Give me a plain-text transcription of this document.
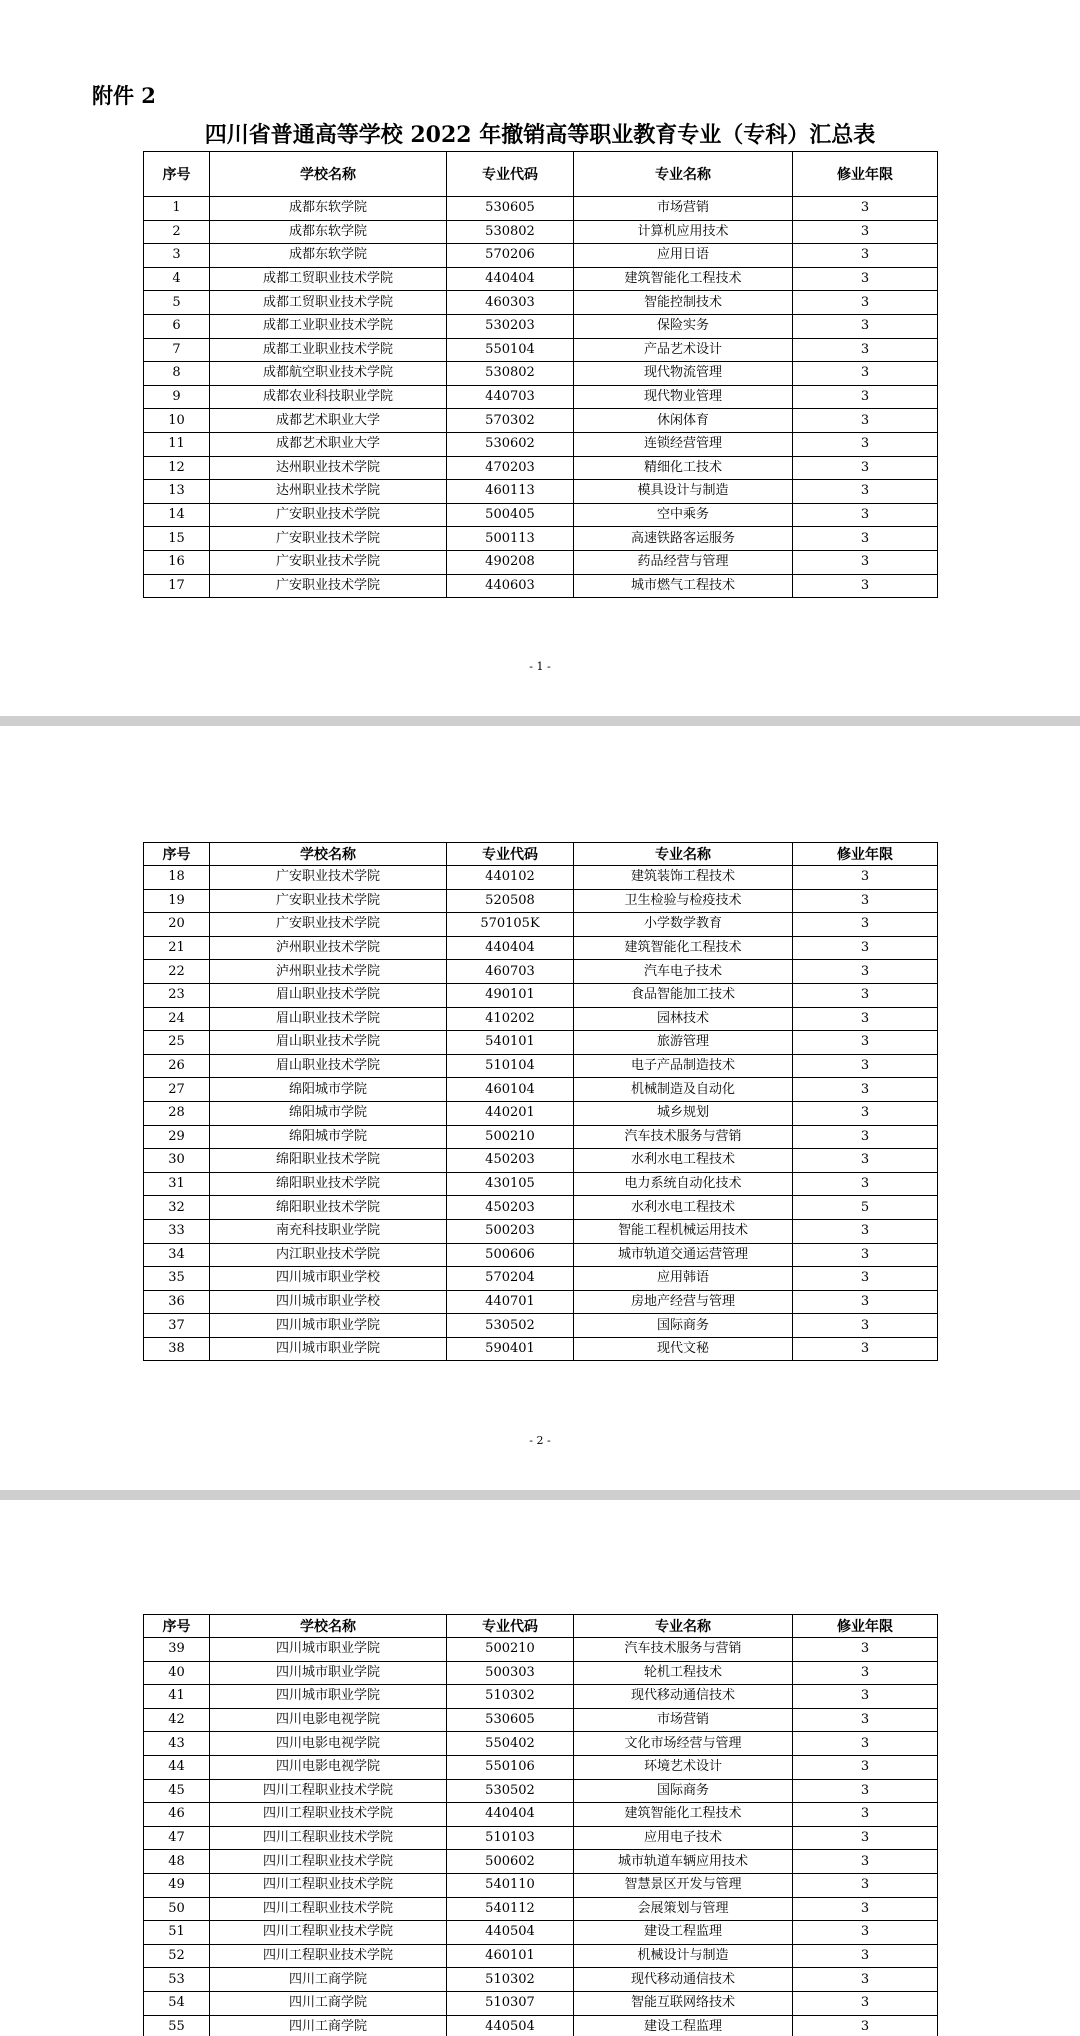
附件 2
四川省普通高等学校 2022 年撤销高等职业教育专业（专科）汇总表
序号	学校名称	专业代码	专业名称	修业年限
1	成都东软学院	530605	市场营销	3
2	成都东软学院	530802	计算机应用技术	3
3	成都东软学院	570206	应用日语	3
4	成都工贸职业技术学院	440404	建筑智能化工程技术	3
5	成都工贸职业技术学院	460303	智能控制技术	3
6	成都工业职业技术学院	530203	保险实务	3
7	成都工业职业技术学院	550104	产品艺术设计	3
8	成都航空职业技术学院	530802	现代物流管理	3
9	成都农业科技职业学院	440703	现代物业管理	3
10	成都艺术职业大学	570302	休闲体育	3
11	成都艺术职业大学	530602	连锁经营管理	3
12	达州职业技术学院	470203	精细化工技术	3
13	达州职业技术学院	460113	模具设计与制造	3
14	广安职业技术学院	500405	空中乘务	3
15	广安职业技术学院	500113	高速铁路客运服务	3
16	广安职业技术学院	490208	药品经营与管理	3
17	广安职业技术学院	440603	城市燃气工程技术	3
- 1 -
序号	学校名称	专业代码	专业名称	修业年限
18	广安职业技术学院	440102	建筑装饰工程技术	3
19	广安职业技术学院	520508	卫生检验与检疫技术	3
20	广安职业技术学院	570105K	小学数学教育	3
21	泸州职业技术学院	440404	建筑智能化工程技术	3
22	泸州职业技术学院	460703	汽车电子技术	3
23	眉山职业技术学院	490101	食品智能加工技术	3
24	眉山职业技术学院	410202	园林技术	3
25	眉山职业技术学院	540101	旅游管理	3
26	眉山职业技术学院	510104	电子产品制造技术	3
27	绵阳城市学院	460104	机械制造及自动化	3
28	绵阳城市学院	440201	城乡规划	3
29	绵阳城市学院	500210	汽车技术服务与营销	3
30	绵阳职业技术学院	450203	水利水电工程技术	3
31	绵阳职业技术学院	430105	电力系统自动化技术	3
32	绵阳职业技术学院	450203	水利水电工程技术	5
33	南充科技职业学院	500203	智能工程机械运用技术	3
34	内江职业技术学院	500606	城市轨道交通运营管理	3
35	四川城市职业学校	570204	应用韩语	3
36	四川城市职业学校	440701	房地产经营与管理	3
37	四川城市职业学院	530502	国际商务	3
38	四川城市职业学院	590401	现代文秘	3
- 2 -
序号	学校名称	专业代码	专业名称	修业年限
39	四川城市职业学院	500210	汽车技术服务与营销	3
40	四川城市职业学院	500303	轮机工程技术	3
41	四川城市职业学院	510302	现代移动通信技术	3
42	四川电影电视学院	530605	市场营销	3
43	四川电影电视学院	550402	文化市场经营与管理	3
44	四川电影电视学院	550106	环境艺术设计	3
45	四川工程职业技术学院	530502	国际商务	3
46	四川工程职业技术学院	440404	建筑智能化工程技术	3
47	四川工程职业技术学院	510103	应用电子技术	3
48	四川工程职业技术学院	500602	城市轨道车辆应用技术	3
49	四川工程职业技术学院	540110	智慧景区开发与管理	3
50	四川工程职业技术学院	540112	会展策划与管理	3
51	四川工程职业技术学院	440504	建设工程监理	3
52	四川工程职业技术学院	460101	机械设计与制造	3
53	四川工商学院	510302	现代移动通信技术	3
54	四川工商学院	510307	智能互联网络技术	3
55	四川工商学院	440504	建设工程监理	3
